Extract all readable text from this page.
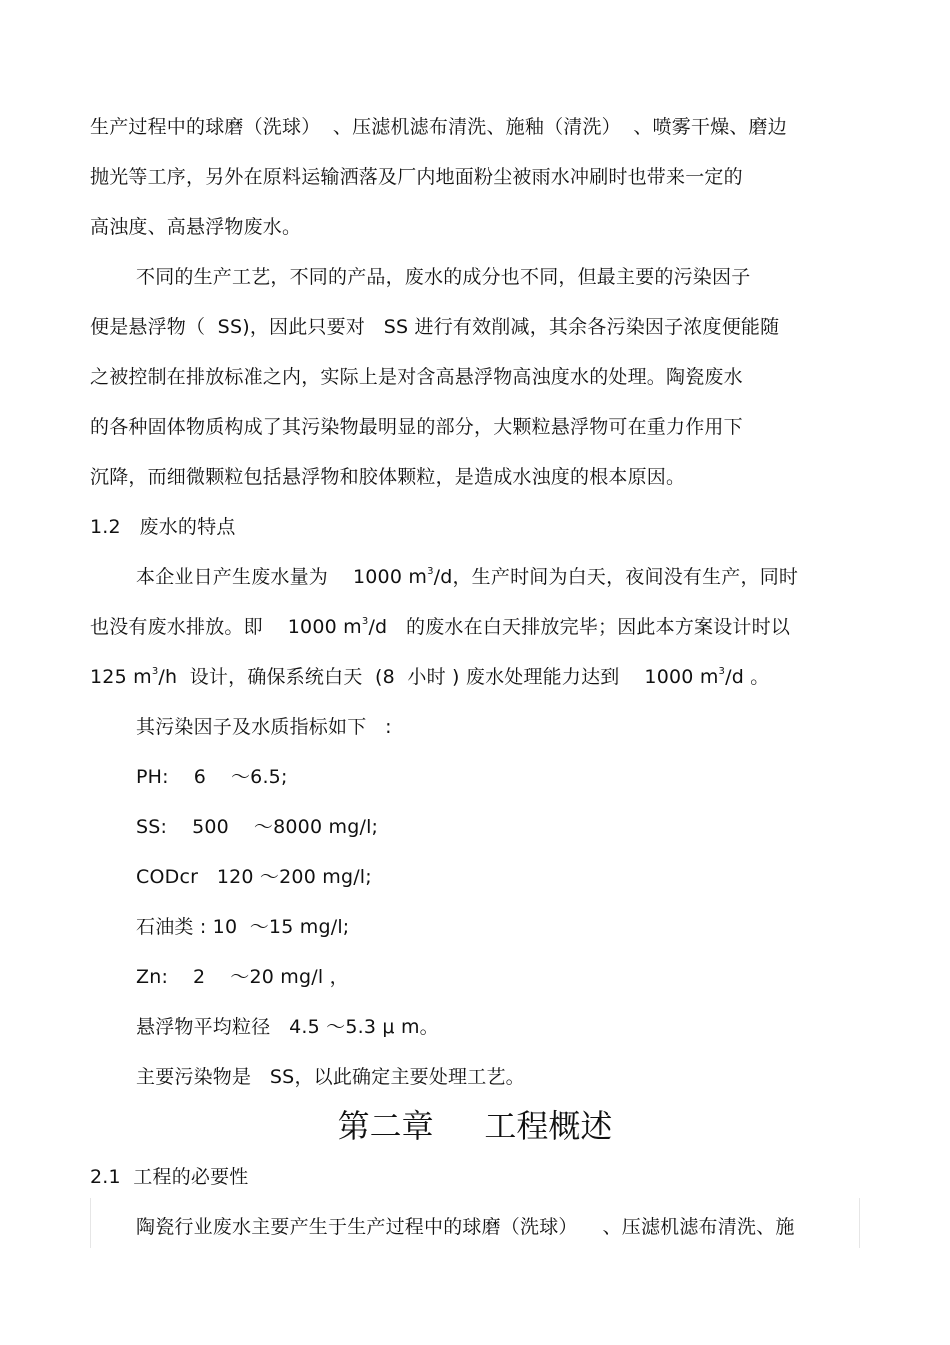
生产过程中的球磨（洗球）  、压滤机滤布清洗、施釉（清洗）  、喷雾干燥、磨边
抛光等工序，另外在原料运输洒落及厂内地面粉尘被雨水冲刷时也带来一定的
高浊度、高悬浮物废水。
不同的生产工艺，不同的产品，废水的成分也不同，但最主要的污染因子
便是悬浮物（  SS)，因此只要对   SS 进行有效削减，其余各污染因子浓度便能随
之被控制在排放标准之内，实际上是对含高悬浮物高浊度水的处理。陶瓷废水
的各种固体物质构成了其污染物最明显的部分，大颗粒悬浮物可在重力作用下
沉降，而细微颗粒包括悬浮物和胶体颗粒，是造成水浊度的根本原因。
1.2   废水的特点
本企业日产生废水量为    1000 $m^3/d$，生产时间为白天，夜间没有生产，同时
也没有废水排放。即    1000 $m^3/d$   的废水在白天排放完毕；因此本方案设计时以
125 $m^3/h$  设计，确保系统白天  (8  小时 ) 废水处理能力达到    1000 $m^3/d$ 。
其污染因子及水质指标如下   :
PH:    6    ～6.5;
SS:    500    ～8000 mg/l;
CODcr   120 ～200 mg/l;
石油类 : 10  ～15 mg/l;
Zn:    2    ～20 mg/l ，
悬浮物平均粒径   4.5 ～5.3 μ m。
主要污染物是   SS，以此确定主要处理工艺。
第二章     工程概述
2.1  工程的必要性
陶瓷行业废水主要产生于生产过程中的球磨（洗球）    、压滤机滤布清洗、施
